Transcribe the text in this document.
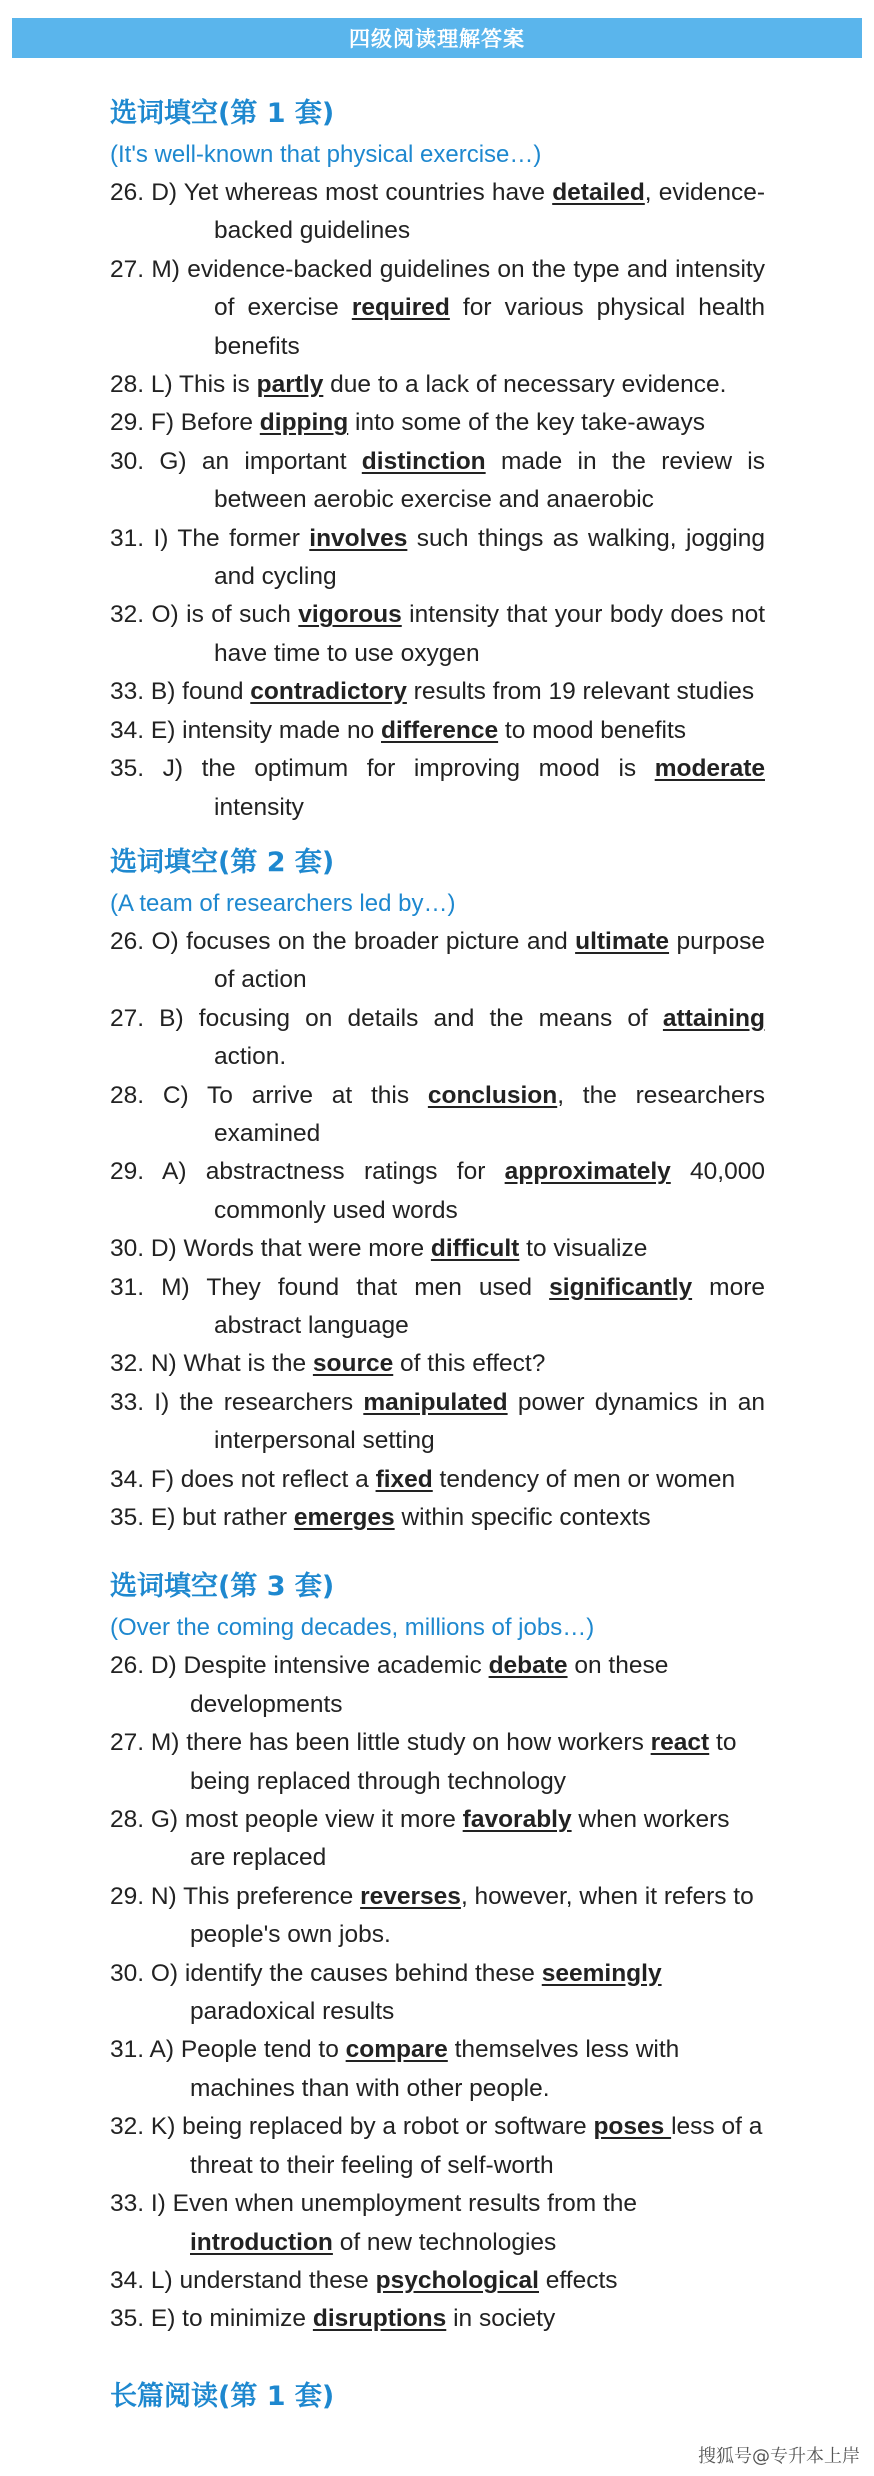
四级阅读理解答案
选词填空(第 1 套)
(It's well-known that physical exercise…)
26. D) Yet whereas most countries have detailed, evidence-backed guidelines
27. M) evidence-backed guidelines on the type and intensity of exercise required for various physical health benefits
28. L) This is partly due to a lack of necessary evidence.
29. F) Before dipping into some of the key take-aways
30. G) an important distinction made in the review is between aerobic exercise and anaerobic
31. I) The former involves such things as walking, jogging and cycling
32. O) is of such vigorous intensity that your body does not have time to use oxygen
33. B) found contradictory results from 19 relevant studies
34. E) intensity made no difference to mood benefits
35. J) the optimum for improving mood is moderate intensity
选词填空(第 2 套)
(A team of researchers led by…)
26. O) focuses on the broader picture and ultimate purpose of action
27. B) focusing on details and the means of attaining action.
28. C) To arrive at this conclusion, the researchers examined
29. A) abstractness ratings for approximately 40,000 commonly used words
30. D) Words that were more difficult to visualize
31. M) They found that men used significantly more abstract language
32. N) What is the source of this effect?
33. I) the researchers manipulated power dynamics in an interpersonal setting
34. F) does not reflect a fixed tendency of men or women
35. E) but rather emerges within specific contexts
选词填空(第 3 套)
(Over the coming decades, millions of jobs…)
26. D) Despite intensive academic debate on these developments
27. M) there has been little study on how workers react to being replaced through technology
28. G) most people view it more favorably when workers are replaced
29. N) This preference reverses, however, when it refers to people's own jobs.
30. O) identify the causes behind these seemingly paradoxical results
31. A) People tend to compare themselves less with machines than with other people.
32. K) being replaced by a robot or software poses less of a threat to their feeling of self-worth
33. I) Even when unemployment results from the introduction of new technologies
34. L) understand these psychological effects
35. E) to minimize disruptions in society
长篇阅读(第 1 套)
搜狐号@专升本上岸
